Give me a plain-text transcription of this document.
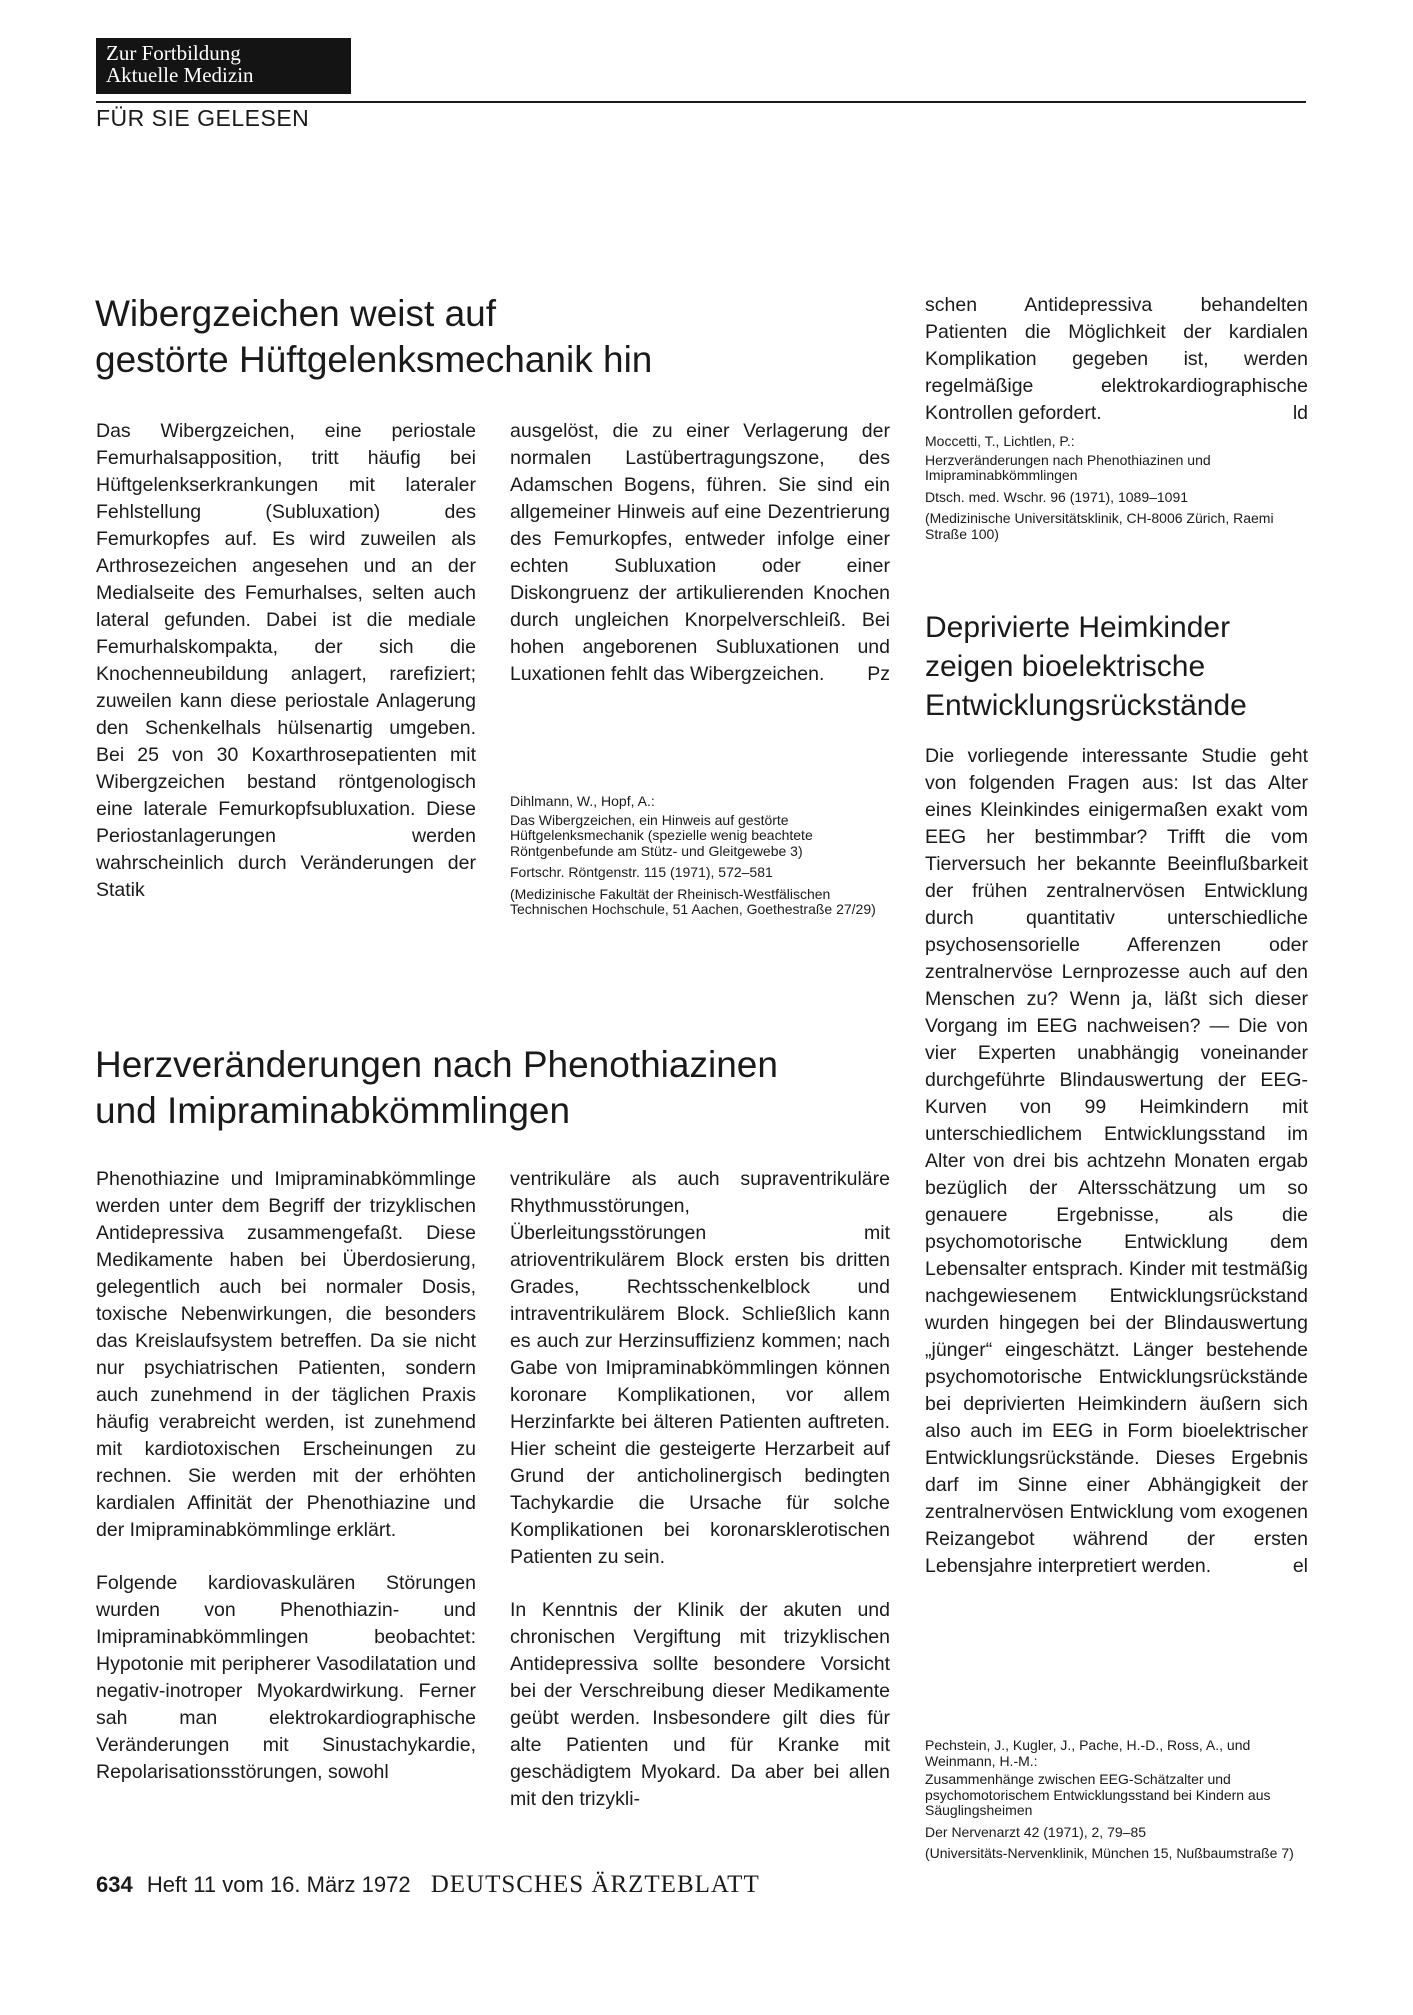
Zur Fortbildung
Aktuelle Medizin
FÜR SIE GELESEN
Wibergzeichen weist auf
gestörte Hüftgelenksmechanik hin

Das Wibergzeichen, eine periostale Femurhalsapposition, tritt häufig bei Hüftgelenkserkrankungen mit lateraler Fehlstellung (Subluxation) des Femurkopfes auf. Es wird zuweilen als Arthrosezeichen angesehen und an der Medialseite des Femurhalses, selten auch lateral gefunden. Dabei ist die mediale Femurhalskompakta, der sich die Knochenneubildung anlagert, rarefiziert; zuweilen kann diese periostale Anlagerung den Schenkelhals hülsenartig umgeben. Bei 25 von 30 Koxarthrosepatienten mit Wibergzeichen bestand röntgenologisch eine laterale Femurkopfsubluxation. Diese Periostanlagerungen werden wahrscheinlich durch Veränderungen der Statik

ausgelöst, die zu einer Verlagerung der normalen Lastübertragungszone, des Adamschen Bogens, führen. Sie sind ein allgemeiner Hinweis auf eine Dezentrierung des Femurkopfes, entweder infolge einer echten Subluxation oder einer Diskongruenz der artikulierenden Knochen durch ungleichen Knorpelverschleiß. Bei hohen angeborenen Subluxationen und Luxationen fehlt das Wibergzeichen. Pz

Dihlmann, W., Hopf, A.:
Das Wibergzeichen, ein Hinweis auf gestörte Hüftgelenksmechanik (spezielle wenig beachtete Röntgenbefunde am Stütz- und Gleitgewebe 3)
Fortschr. Röntgenstr. 115 (1971), 572–581
(Medizinische Fakultät der Rheinisch-Westfälischen Technischen Hochschule, 51 Aachen, Goethestraße 27/29)
Herzveränderungen nach Phenothiazinen
und Imipraminabkömmlingen

Phenothiazine und Imipraminabkömmlinge werden unter dem Begriff der trizyklischen Antidepressiva zusammengefaßt. Diese Medikamente haben bei Überdosierung, gelegentlich auch bei normaler Dosis, toxische Nebenwirkungen, die besonders das Kreislaufsystem betreffen. Da sie nicht nur psychiatrischen Patienten, sondern auch zunehmend in der täglichen Praxis häufig verabreicht werden, ist zunehmend mit kardiotoxischen Erscheinungen zu rechnen. Sie werden mit der erhöhten kardialen Affinität der Phenothiazine und der Imipraminabkömmlinge erklärt.

Folgende kardiovaskulären Störungen wurden von Phenothiazin- und Imipraminabkömmlingen beobachtet: Hypotonie mit peripherer Vasodilatation und negativ-inotroper Myokardwirkung. Ferner sah man elektrokardiographische Veränderungen mit Sinustachykardie, Repolarisationsstörungen, sowohl

ventrikuläre als auch supraventrikuläre Rhythmusstörungen, Überleitungsstörungen mit atrioventrikulärem Block ersten bis dritten Grades, Rechtsschenkelblock und intraventrikulärem Block. Schließlich kann es auch zur Herzinsuffizienz kommen; nach Gabe von Imipraminabkömmlingen können koronare Komplikationen, vor allem Herzinfarkte bei älteren Patienten auftreten. Hier scheint die gesteigerte Herzarbeit auf Grund der anticholinergisch bedingten Tachykardie die Ursache für solche Komplikationen bei koronarsklerotischen Patienten zu sein.

In Kenntnis der Klinik der akuten und chronischen Vergiftung mit trizyklischen Antidepressiva sollte besondere Vorsicht bei der Verschreibung dieser Medikamente geübt werden. Insbesondere gilt dies für alte Patienten und für Kranke mit geschädigtem Myokard. Da aber bei allen mit den trizykli-

schen Antidepressiva behandelten Patienten die Möglichkeit der kardialen Komplikation gegeben ist, werden regelmäßige elektrokardiographische Kontrollen gefordert.	ld

Moccetti, T., Lichtlen, P.:
Herzveränderungen nach Phenothiazinen und Imipraminabkömmlingen
Dtsch. med. Wschr. 96 (1971), 1089–1091
(Medizinische Universitätsklinik, CH-8006 Zürich, Raemi Straße 100)
Deprivierte Heimkinder
zeigen bioelektrische
Entwicklungsrückstände

Die vorliegende interessante Studie geht von folgenden Fragen aus: Ist das Alter eines Kleinkindes einigermaßen exakt vom EEG her bestimmbar? Trifft die vom Tierversuch her bekannte Beeinflußbarkeit der frühen zentralnervösen Entwicklung durch quantitativ unterschiedliche psychosensorielle Afferenzen oder zentralnervöse Lernprozesse auch auf den Menschen zu? Wenn ja, läßt sich dieser Vorgang im EEG nachweisen? — Die von vier Experten unabhängig voneinander durchgeführte Blindauswertung der EEG-Kurven von 99 Heimkindern mit unterschiedlichem Entwicklungsstand im Alter von drei bis achtzehn Monaten ergab bezüglich der Altersschätzung um so genauere Ergebnisse, als die psychomotorische Entwicklung dem Lebensalter entsprach. Kinder mit testmäßig nachgewiesenem Entwicklungsrückstand wurden hingegen bei der Blindauswertung „jünger“ eingeschätzt. Länger bestehende psychomotorische Entwicklungsrückstände bei deprivierten Heimkindern äußern sich also auch im EEG in Form bioelektrischer Entwicklungsrückstände. Dieses Ergebnis darf im Sinne einer Abhängigkeit der zentralnervösen Entwicklung vom exogenen Reizangebot während der ersten Lebensjahre interpretiert werden.	el

Pechstein, J., Kugler, J., Pache, H.-D., Ross, A., und Weinmann, H.-M.:
Zusammenhänge zwischen EEG-Schätzalter und psychomotorischem Entwicklungsstand bei Kindern aus Säuglingsheimen
Der Nervenarzt 42 (1971), 2, 79–85
(Universitäts-Nervenklinik, München 15, Nußbaumstraße 7)
634 Heft 11 vom 16. März 1972 DEUTSCHES ÄRZTEBLATT
